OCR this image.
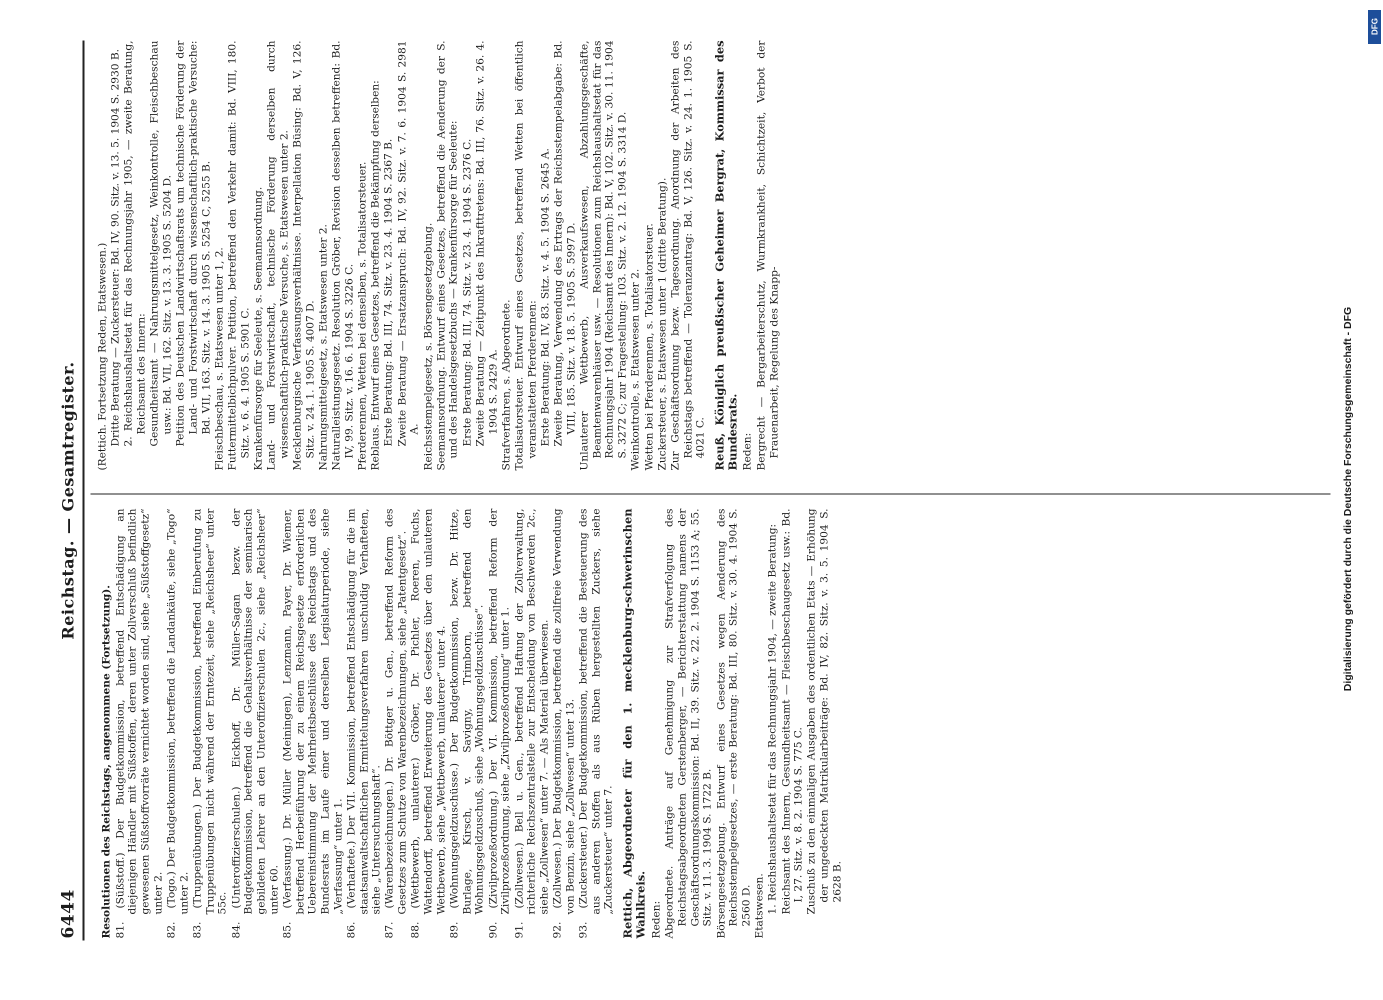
6444
Reichstag. — Gesamtregister.
Resolutionen des Reichstags, angenommene (Fortsetzung). 81.(Süßstoff.) Der Budgetkommission, betreffend Entschädigung an diejenigen Händler mit Süßstoffen, deren unter Zollverschluß befindlich gewesenen Süßstoffvorräte vernichtet worden sind, siehe „Süßstoffgesetz“ unter 2.
82.(Togo.) Der Budgetkommission, betreffend die Landankäufe, siehe „Togo“ unter 2.
83.(Truppenübungen.) Der Budgetkommission, betreffend Einberufung zu Truppenübungen nicht während der Erntezeit, siehe „Reichsheer“ unter 55c.
84.(Unteroffizierschulen.) Eickhoff, Dr. Müller-Sagan bezw. der Budgetkommission, betreffend die Gehaltsverhältnisse der seminarisch gebildeten Lehrer an den Unteroffizierschulen 2c., siehe „Reichsheer“ unter 60.
85.(Verfassung.) Dr. Müller (Meiningen), Lenzmann, Payer, Dr. Wiemer, betreffend Herbeiführung der zu einem Reichsgesetze erforderlichen Uebereinstimmung der Mehrheitsbeschlüsse des Reichstags und des Bundesrats im Laufe einer und derselben Legislaturperiode, siehe „Verfassung“ unter 1.
86.(Verhaftete.) Der VII. Kommission, betreffend Entschädigung für die im staatsanwaltschaftlichen Ermittelungsverfahren unschuldig Verhafteten, siehe „Untersuchungshaft“.
87.(Warenbezeichnungen.) Dr. Böttger u. Gen., betreffend Reform des Gesetzes zum Schutze von Warenbezeichnungen, siehe „Patentgesetz“.
88.(Wettbewerb, unlauterer.) Gröber, Dr. Pichler, Roeren, Fuchs, Wattendorff, betreffend Erweiterung des Gesetzes über den unlauteren Wettbewerb, siehe „Wettbewerb, unlauterer“ unter 4.
89.(Wohnungsgeldzuschüsse.) Der Budgetkommission, bezw. Dr. Hitze, Burlage, Kirsch, v. Savigny, Trimborn, betreffend den Wohnungsgeldzuschuß, siehe „Wohnungsgeldzuschüsse“.
90.(Zivilprozeßordnung.) Der VI. Kommission, betreffend Reform der Zivilprozeßordnung, siehe „Zivilprozeßordnung“ unter 1.
91.(Zollwesen.) Bell u. Gen., betreffend Haftung der Zollverwaltung, richterliche Reichszentralstelle zur Entscheidung von Beschwerden 2c., siehe „Zollwesen“ unter 7. — Als Material überwiesen.
92.(Zollwesen.) Der Budgetkommission, betreffend die zollfreie Verwendung von Benzin, siehe „Zollwesen“ unter 13.
93.(Zuckersteuer.) Der Budgetkommission, betreffend die Besteuerung des aus anderen Stoffen als aus Rüben hergestellten Zuckers, siehe „Zuckersteuer“ unter 7. Rettich, Abgeordneter für den 1. mecklenburg-schwerinschen Wahlkreis. Reden: Abgeordnete. Anträge auf Genehmigung zur Strafverfolgung des Reichstagsabgeordneten Gerstenberger, — Berichterstattung namens der Geschäftsordnungskommission: Bd. II, 39. Sitz. v. 22. 2. 1904 S. 1153 A; 55. Sitz. v. 11. 3. 1904 S. 1722 B. Börsengesetzgebung. Entwurf eines Gesetzes wegen Aenderung des Reichsstempelgesetzes, — erste Beratung: Bd. III, 80. Sitz. v. 30. 4. 1904 S. 2560 D. Etatswesen. 1. Reichshaushaltsetat für das Rechnungsjahr 1904, — zweite Beratung: Reichsamt des Innern, Gesundheitsamt — Fleischbeschaugesetz usw.: Bd. I, 27. Sitz. v. 8. 2. 1904 S. 775 C. Zuschuß zu den einmaligen Ausgaben des ordentlichen Etats — Erhöhung der ungedeckten Matrikularbeiträge: Bd. IV, 82. Sitz. v. 3. 5. 1904 S. 2628 B.
(Rettich. Fortsetzung Reden, Etatswesen.) Dritte Beratung — Zuckersteuer: Bd. IV, 90. Sitz. v. 13. 5. 1904 S. 2930 B. 2. Reichshaushaltsetat für das Rechnungsjahr 1905, — zweite Beratung, Reichsamt des Innern: Gesundheitsamt — Nahrungsmittelgesetz, Weinkontrolle, Fleischbeschau usw.: Bd. VII, 162. Sitz. v. 13. 3. 1905 S. 5204 D. Petition des Deutschen Landwirtschaftsrats um technische Förderung der Land- und Forstwirtschaft durch wissenschaftlich-praktische Versuche: Bd. VII, 163. Sitz. v. 14. 3. 1905 S. 5254 C, 5255 B. Fleischbeschau, s. Etatswesen unter 1, 2. Futtermittelbichpulver. Petition, betreffend den Verkehr damit: Bd. VIII, 180. Sitz. v. 6. 4. 1905 S. 5901 C. Krankenfürsorge für Seeleute, s. Seemannsordnung. Land- und Forstwirtschaft, technische Förderung derselben durch wissenschaftlich-praktische Versuche, s. Etatswesen unter 2. Mecklenburgische Verfassungsverhältnisse. Interpellation Büsing: Bd. V, 126. Sitz. v. 24. 1. 1905 S. 4007 D. Nahrungsmittelgesetz, s. Etatswesen unter 2. Naturalleistungsgesetz. Resolution Gröber, Revision desselben betreffend: Bd. IV, 99. Sitz. v. 16. 6. 1904 S. 3226 C. Pferderennen, Wetten bei denselben, s. Totalisatorsteuer. Reblaus. Entwurf eines Gesetzes, betreffend die Bekämpfung derselben: Erste Beratung: Bd. III, 74. Sitz. v. 23. 4. 1904 S. 2367 B. Zweite Beratung — Ersatzanspruch: Bd. IV, 92. Sitz. v. 7. 6. 1904 S. 2981 A. Reichsstempelgesetz, s. Börsengesetzgebung. Seemannsordnung. Entwurf eines Gesetzes, betreffend die Aenderung der S. und des Handelsgesetzbuchs — Krankenfürsorge für Seeleute: Erste Beratung: Bd. III, 74. Sitz. v. 23. 4. 1904 S. 2376 C. Zweite Beratung — Zeitpunkt des Inkrafttretens: Bd. III, 76. Sitz. v. 26. 4. 1904 S. 2429 A. Strafverfahren, s. Abgeordnete. Totalisatorsteuer. Entwurf eines Gesetzes, betreffend Wetten bei öffentlich veranstalteten Pferderennen: Erste Beratung: Bd. IV, 83. Sitz. v. 4. 5. 1904 S. 2645 A. Zweite Beratung, Verwendung des Ertrags der Reichsstempelabgabe: Bd. VIII, 185. Sitz. v. 18. 5. 1905 S. 5997 D. Unlauterer Wettbewerb, Ausverkaufswesen, Abzahlungsgeschäfte, Beamtenwarenhäuser usw. — Resolutionen zum Reichshaushaltsetat für das Rechnungsjahr 1904 (Reichsamt des Innern): Bd. V, 102. Sitz. v. 30. 11. 1904 S. 3272 C; zur Fragestellung: 103. Sitz. v. 2. 12. 1904 S. 3314 D. Weinkontrolle, s. Etatswesen unter 2. Wetten bei Pferderennen, s. Totalisatorsteuer. Zuckersteuer, s. Etatswesen unter 1 (dritte Beratung). Zur Geschäftsordnung bezw. Tagesordnung. Anordnung der Arbeiten des Reichstags betreffend — Toleranzantrag: Bd. V, 126. Sitz. v. 24. 1. 1905 S. 4021 C. Reuß, Königlich preußischer Geheimer Bergrat, Kommissar des Bundesrats. Reden: Bergrecht — Bergarbeiterschutz, Wurmkrankheit, Schichtzeit, Verbot der Frauenarbeit, Regelung des Knapp-	Digitalisierung gefördert durch die Deutsche Forschungsgemeinschaft - DFG
DFG
